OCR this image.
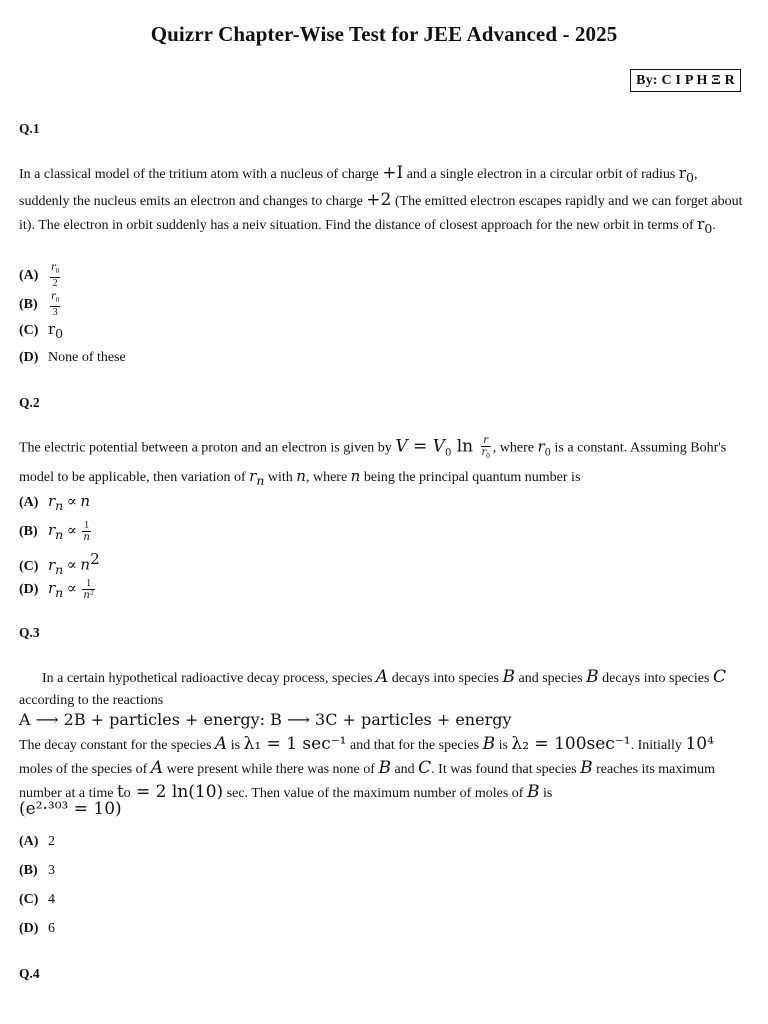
Quizrr Chapter-Wise Test for JEE Advanced - 2025
By: C I P H Ξ R
Q.1
In a classical model of the tritium atom with a nucleus of charge +I and a single electron in a circular orbit of radius $r_0$, suddenly the nucleus emits an electron and changes to charge +2 (The emitted electron escapes rapidly and we can forget about it). The electron in orbit suddenly has a neiv situation. Find the distance of closest approach for the new orbit in terms of $r_0$.
$(A) \frac{r_0}{2}$
$(B) \frac{r_0}{3}$
(C) $r_0$
(D) None of these
Q.2
The electric potential between a proton and an electron is given by $V = V_0$ $\ln \frac{r}{r_0}$ , where $r_0$ is a constant. Assuming Bohr's model to be applicable, then variation of $r_n$ with n, where n being the principal quantum number is
(A) $r_n \propto n$
(B) $r_n \propto \frac{1}{n}$
(C) $r_n \propto n^2$
(D) $r_n \propto \frac{1}{\text{n²}}$
Q.3
In a certain hypothetical radioactive decay process, species A decays into species B and species B decays into species C according to the reactions
A ⟶ 2B + particles + energy: B ⟶ 3C + particles + energy
The decay constant for the species A is λ₁ = 1 sec⁻¹ and that for the species B is λ₂ = 100sec⁻¹. Initially 10⁴ moles of the species of A were present while there was none of B and C. It was found that species B reaches its maximum number at a time t₀ = 2 ln(10) sec. Then value of the maximum number of moles of B is
(e²·³⁰³ = 10)
(A) 2
(B) 3
(C) 4
(D) 6
Q.4
